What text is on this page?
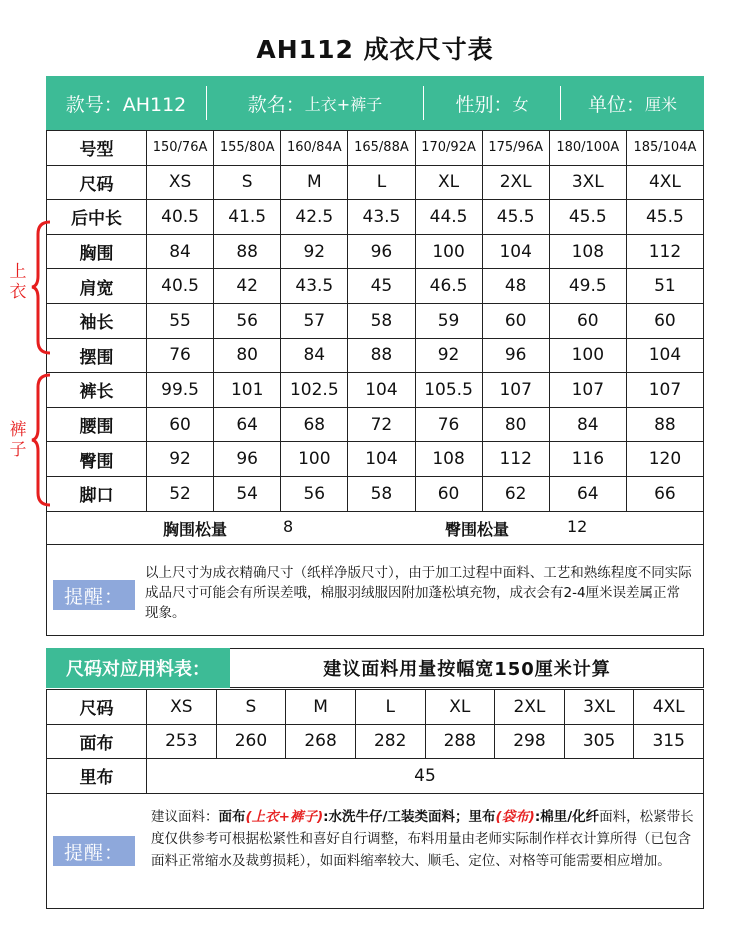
AH112 成衣尺寸表
款号：AH112	款名： 上衣+裤子	性别： 女	单位： 厘米
号型	150/76A	155/80A	160/84A	165/88A	170/92A	175/96A	180/100A	185/104A
尺码	XS	S	M	L	XL	2XL	3XL	4XL
后中长	40.5	41.5	42.5	43.5	44.5	45.5	45.5	45.5
胸围	84	88	92	96	100	104	108	112
肩宽	40.5	42	43.5	45	46.5	48	49.5	51
袖长	55	56	57	58	59	60	60	60
摆围	76	80	84	88	92	96	100	104
裤长	99.5	101	102.5	104	105.5	107	107	107
腰围	60	64	68	72	76	80	84	88
臀围	92	96	100	104	108	112	116	120
脚口	52	54	56	58	60	62	64	66
上衣
裤子
胸围松量	8	臀围松量	12
提醒：
以上尺寸为成衣精确尺寸（纸样净版尺寸），由于加工过程中面料、工艺和熟练程度不同实际成品尺寸可能会有所误差哦，棉服羽绒服因附加蓬松填充物，成衣会有2-4厘米误差属正常现象。
尺码对应用料表：	建议面料用量按幅宽150厘米计算
尺码	XS	S	M	L	XL	2XL	3XL	4XL
面布	253	260	268	282	288	298	305	315
里布	45							
提醒：
建议面料：面布(上衣+裤子):水洗牛仔/工装类面料；里布(袋布):棉里/化纤面料，松紧带长度仅供参考可根据松紧性和喜好自行调整，布料用量由老师实际制作样衣计算所得（已包含面料正常缩水及裁剪损耗），如面料缩率较大、顺毛、定位、对格等可能需要相应增加。
